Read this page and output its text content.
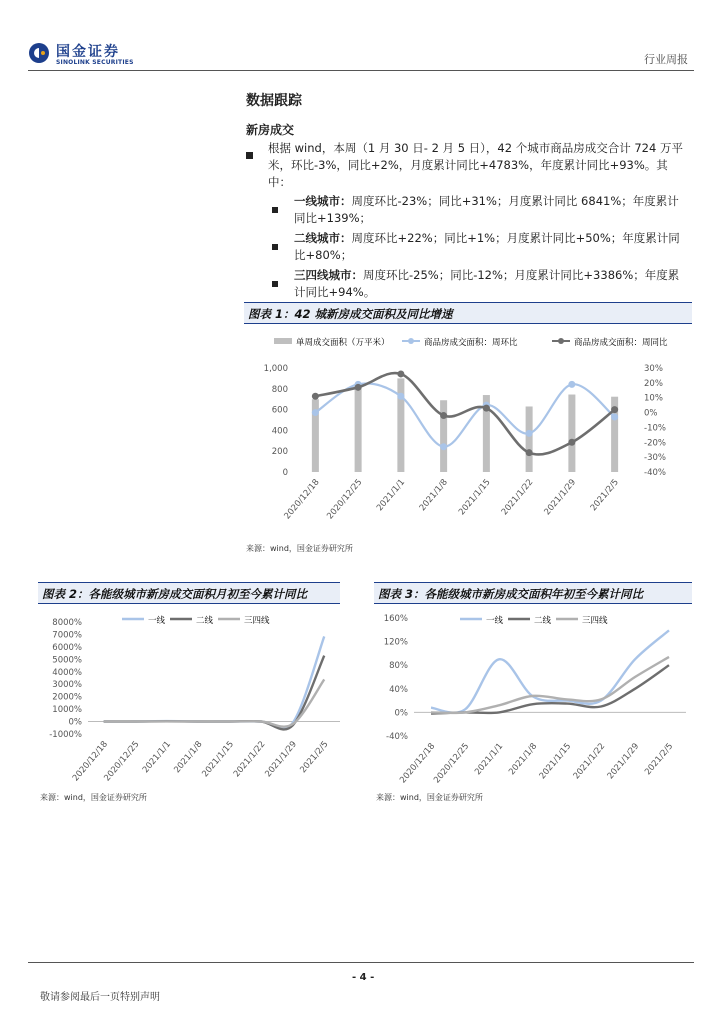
国金证券
SINOLINK SECURITIES	行业周报
数据跟踪
新房成交
根据 wind，本周（1 月 30 日- 2 月 5 日），42 个城市商品房成交合计 724 万平米，环比-3%，同比+2%，月度累计同比+4783%，年度累计同比+93%。其中：
一线城市：周度环比-23%；同比+31%；月度累计同比 6841%；年度累计同比+139%；
二线城市：周度环比+22%；同比+1%；月度累计同比+50%；年度累计同比+80%；
三四线城市：周度环比-25%；同比-12%；月度累计同比+3386%；年度累计同比+94%。
图表 1：42 城新房成交面积及同比增速
单周成交面积（万平米）	商品房成交面积：周环比	商品房成交面积：周同比
1,000
800
600
400
200
0
30%
20%
10%
0%
-10%
-20%
-30%
-40%
2020/12/18 2020/12/25 2021/1/1 2021/1/8 2021/1/15 2021/1/22 2021/1/29 2021/2/5
来源：wind，国金证券研究所
图表 2：各能级城市新房成交面积月初至今累计同比
一线	二线	三四线
8000%
7000%
6000%
5000%
4000%
3000%
2000%
1000%
0%
-1000%
2020/12/18
2020/12/25 2021/1/1 2021/1/8
2021/1/15
2021/1/22
2021/1/29 2021/2/5
来源：wind，国金证券研究所
图表 3：各能级城市新房成交面积年初至今累计同比
一线	二线	三四线
160%
120%
80%
40%
0%
-40%
2020/12/18
2020/12/25 2021/1/1 2021/1/8
2021/1/15
2021/1/22
2021/1/29 2021/2/5
来源：wind，国金证券研究所
- 4 -
敬请参阅最后一页特别声明
